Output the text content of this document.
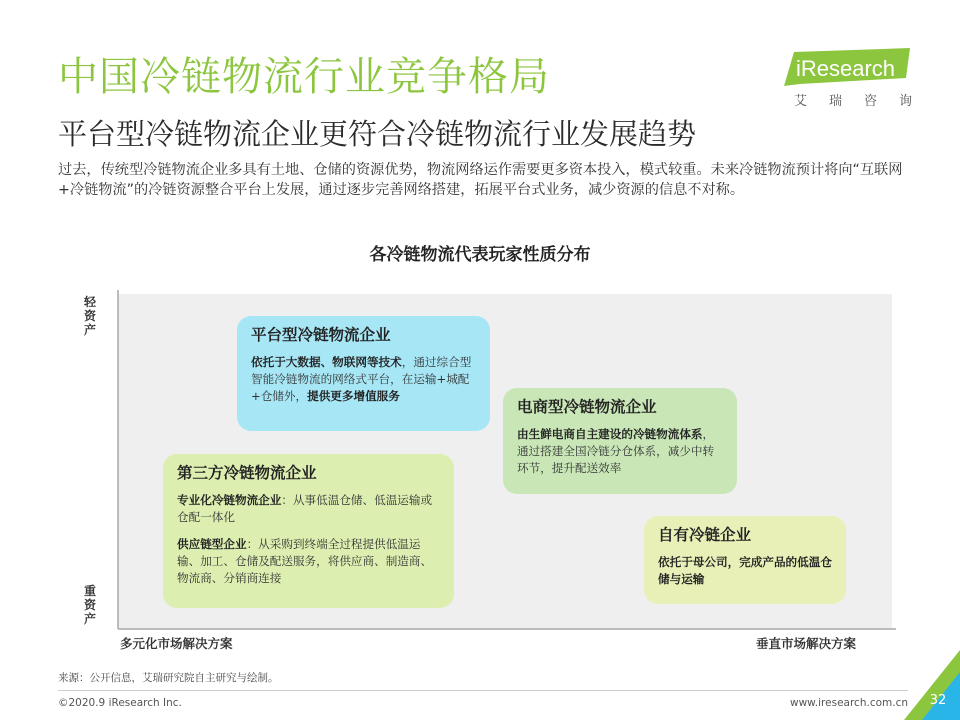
中国冷链物流行业竞争格局
平台型冷链物流企业更符合冷链物流行业发展趋势
过去，传统型冷链物流企业多具有土地、仓储的资源优势，物流网络运作需要更多资本投入，模式较重。未来冷链物流预计将向“互联网+冷链物流”的冷链资源整合平台上发展，通过逐步完善网络搭建，拓展平台式业务，减少资源的信息不对称。
iResearch
艾 瑞 咨 询
各冷链物流代表玩家性质分布
轻资产
重资产
多元化市场解决方案	垂直市场解决方案
平台型冷链物流企业
依托于大数据、物联网等技术，通过综合型智能冷链物流的网络式平台，在运输+城配+仓储外，提供更多增值服务
电商型冷链物流企业
由生鲜电商自主建设的冷链物流体系，通过搭建全国冷链分仓体系，减少中转环节，提升配送效率
第三方冷链物流企业
专业化冷链物流企业：从事低温仓储、低温运输或仓配一体化
供应链型企业：从采购到终端全过程提供低温运输、加工、仓储及配送服务，将供应商、制造商、物流商、分销商连接
自有冷链企业
依托于母公司，完成产品的低温仓储与运输
来源：公开信息，艾瑞研究院自主研究与绘制。
©2020.9 iResearch Inc.	www.iresearch.com.cn	32
